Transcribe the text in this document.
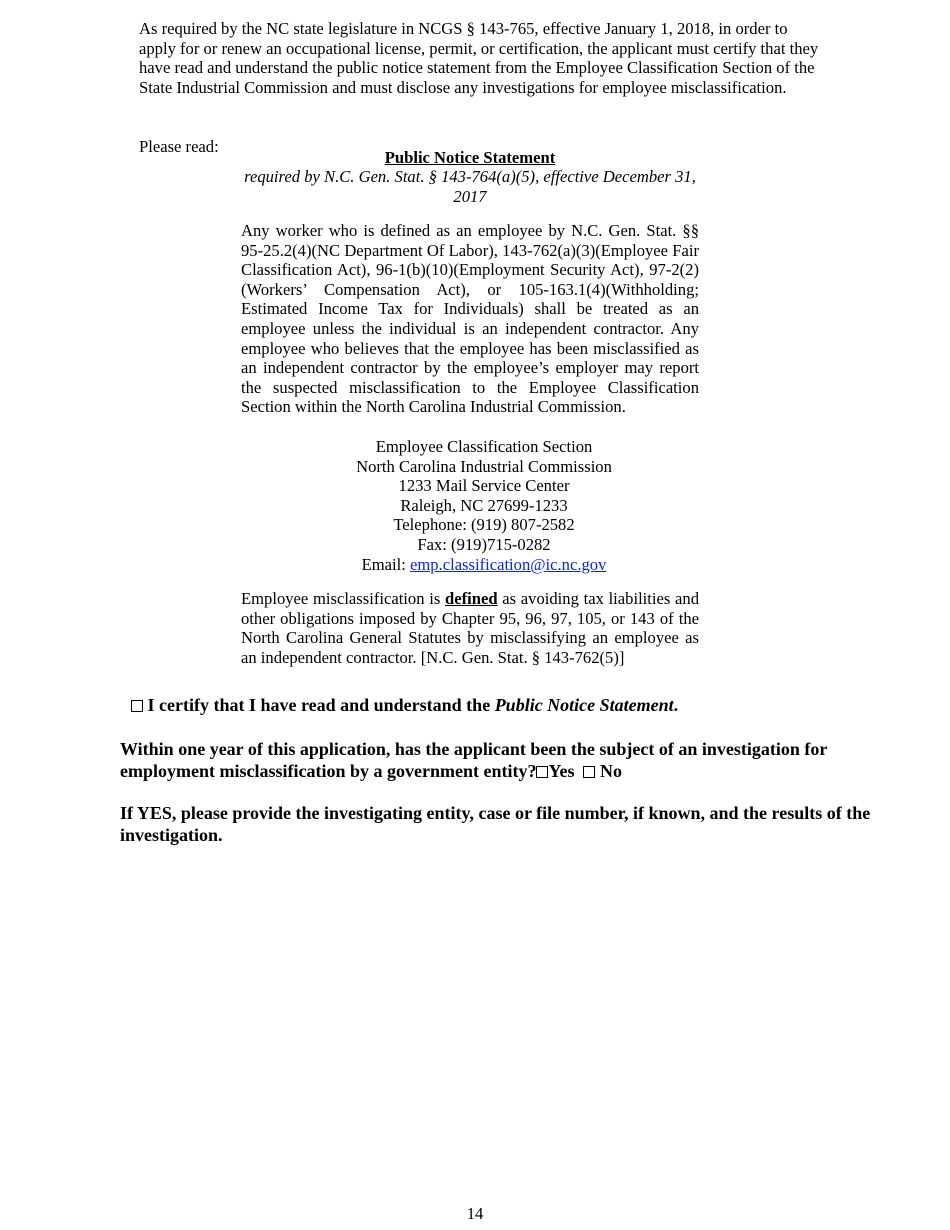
As required by the NC state legislature in NCGS § 143-765, effective January 1, 2018, in order to apply for or renew an occupational license, permit, or certification, the applicant must certify that they have read and understand the public notice statement from the Employee Classification Section of the State Industrial Commission and must disclose any investigations for employee misclassification.
Please read:
Public Notice Statement
required by N.C. Gen. Stat. § 143-764(a)(5), effective December 31, 2017
Any worker who is defined as an employee by N.C. Gen. Stat. §§ 95-25.2(4)(NC Department Of Labor), 143-762(a)(3)(Employee Fair Classification Act), 96-1(b)(10)(Employment Security Act), 97-2(2)(Workers’ Compensation Act), or 105-163.1(4)(Withholding; Estimated Income Tax for Individuals) shall be treated as an employee unless the individual is an independent contractor. Any employee who believes that the employee has been misclassified as an independent contractor by the employee’s employer may report the suspected misclassification to the Employee Classification Section within the North Carolina Industrial Commission.
Employee Classification Section
North Carolina Industrial Commission
1233 Mail Service Center
Raleigh, NC 27699-1233
Telephone: (919) 807-2582
Fax: (919)715-0282
Email: emp.classification@ic.nc.gov
Employee misclassification is defined as avoiding tax liabilities and other obligations imposed by Chapter 95, 96, 97, 105, or 143 of the North Carolina General Statutes by misclassifying an employee as an independent contractor. [N.C. Gen. Stat. § 143-762(5)]
I certify that I have read and understand the Public Notice Statement.
Within one year of this application, has the applicant been the subject of an investigation for employment misclassification by a government entity? Yes No
If YES, please provide the investigating entity, case or file number, if known, and the results of the investigation.
14
